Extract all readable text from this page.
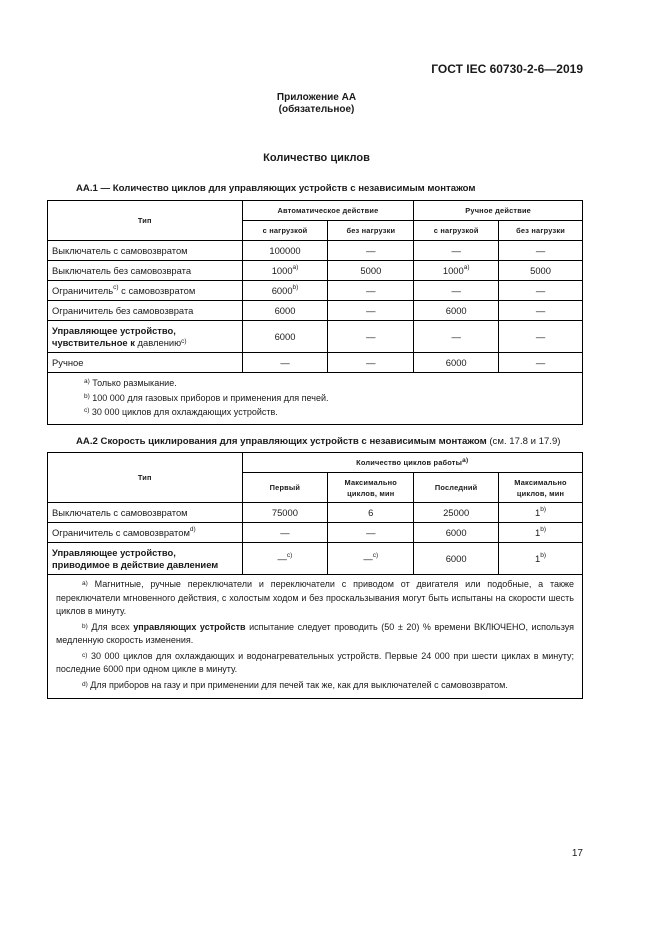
ГОСТ IEC 60730-2-6—2019
Приложение АА
(обязательное)
Количество циклов
АА.1 — Количество циклов для управляющих устройств с независимым монтажом
Тип	Автоматическое действие		Ручное действие	
	с нагрузкой	без нагрузки	с нагрузкой	без нагрузки
Выключатель с самовозвратом	100000	—	—	—
Выключатель без самовозврата	1000$^{a)}$	5000	1000$^{a)}$	5000
Ограничитель$^{c)}$ с самовозвратом	6000$^{b)}$	—	—	—
Ограничитель без самовозврата	6000	—	6000	—

Управляющее устройство,
чувствительное к давлению$^{c)}$	6000	—	—	—
Ручное	—	—	6000	—

$^{a)}$ Только размыкание.
$^{b)}$ 100 000 для газовых приборов и применения для печей.
$^{c)}$ 30 000 циклов для охлаждающих устройств.				
АА.2 Скорость циклирования для управляющих устройств с независимым монтажом (см. 17.8 и 17.9)
Тип	Количество циклов работы$^{a)}$
	Первый	Максимально циклов, мин	Последний	Максимально циклов, мин
Выключатель с самовозвратом	75000	6	25000	1$^{b)}$
Ограничитель с самовозвратом$^{d)}$	—	—	6000	1$^{b)}$

Управляющее устройство,
приводимое в действие давлением	—$^{c)}$	—$^{c)}$	6000	1$^{b)}$

$^{a)}$ Магнитные, ручные переключатели и переключатели с приводом от двигателя или подобные, а также переключатели мгновенного действия, с холостым ходом и без проскальзывания могут быть испытаны на скорости шесть циклов в минуту.
$^{b)}$ Для всех управляющих устройств испытание следует проводить (50 ± 20) % времени ВКЛЮЧЕНО, используя медленную скорость изменения.
$^{c)}$ 30 000 циклов для охлаждающих и водонагревательных устройств. Первые 24 000 при шести циклах в минуту; последние 6000 при одном цикле в минуту.
$^{d)}$ Для приборов на газу и при применении для печей так же, как для выключателей с самовозвратом.				
17
